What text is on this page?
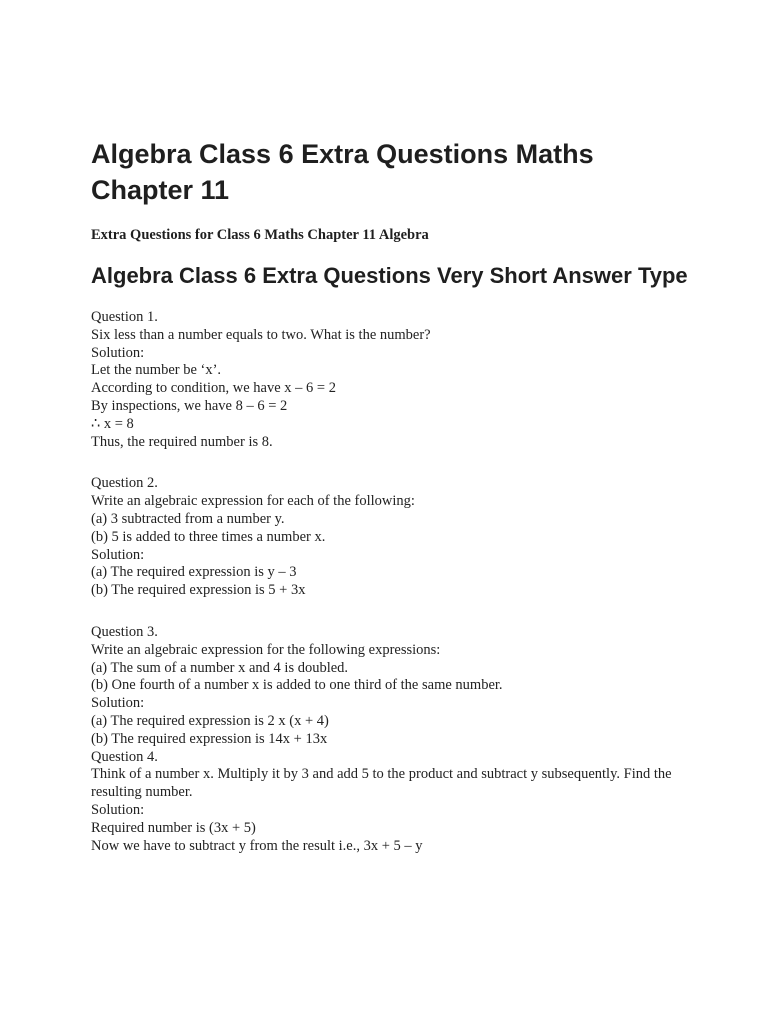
Algebra Class 6 Extra Questions Maths Chapter 11
Extra Questions for Class 6 Maths Chapter 11 Algebra
Algebra Class 6 Extra Questions Very Short Answer Type
Question 1.
Six less than a number equals to two. What is the number?
Solution:
Let the number be ‘x’.
According to condition, we have x – 6 = 2
By inspections, we have 8 – 6 = 2
∴ x = 8
Thus, the required number is 8.
Question 2.
Write an algebraic expression for each of the following:
(a) 3 subtracted from a number y.
(b) 5 is added to three times a number x.
Solution:
(a) The required expression is y – 3
(b) The required expression is 5 + 3x
Question 3.
Write an algebraic expression for the following expressions:
(a) The sum of a number x and 4 is doubled.
(b) One fourth of a number x is added to one third of the same number.
Solution:
(a) The required expression is 2 x (x + 4)
(b) The required expression is 14x + 13x
Question 4.
Think of a number x. Multiply it by 3 and add 5 to the product and subtract y subsequently. Find the resulting number.
Solution:
Required number is (3x + 5)
Now we have to subtract y from the result i.e., 3x + 5 – y
